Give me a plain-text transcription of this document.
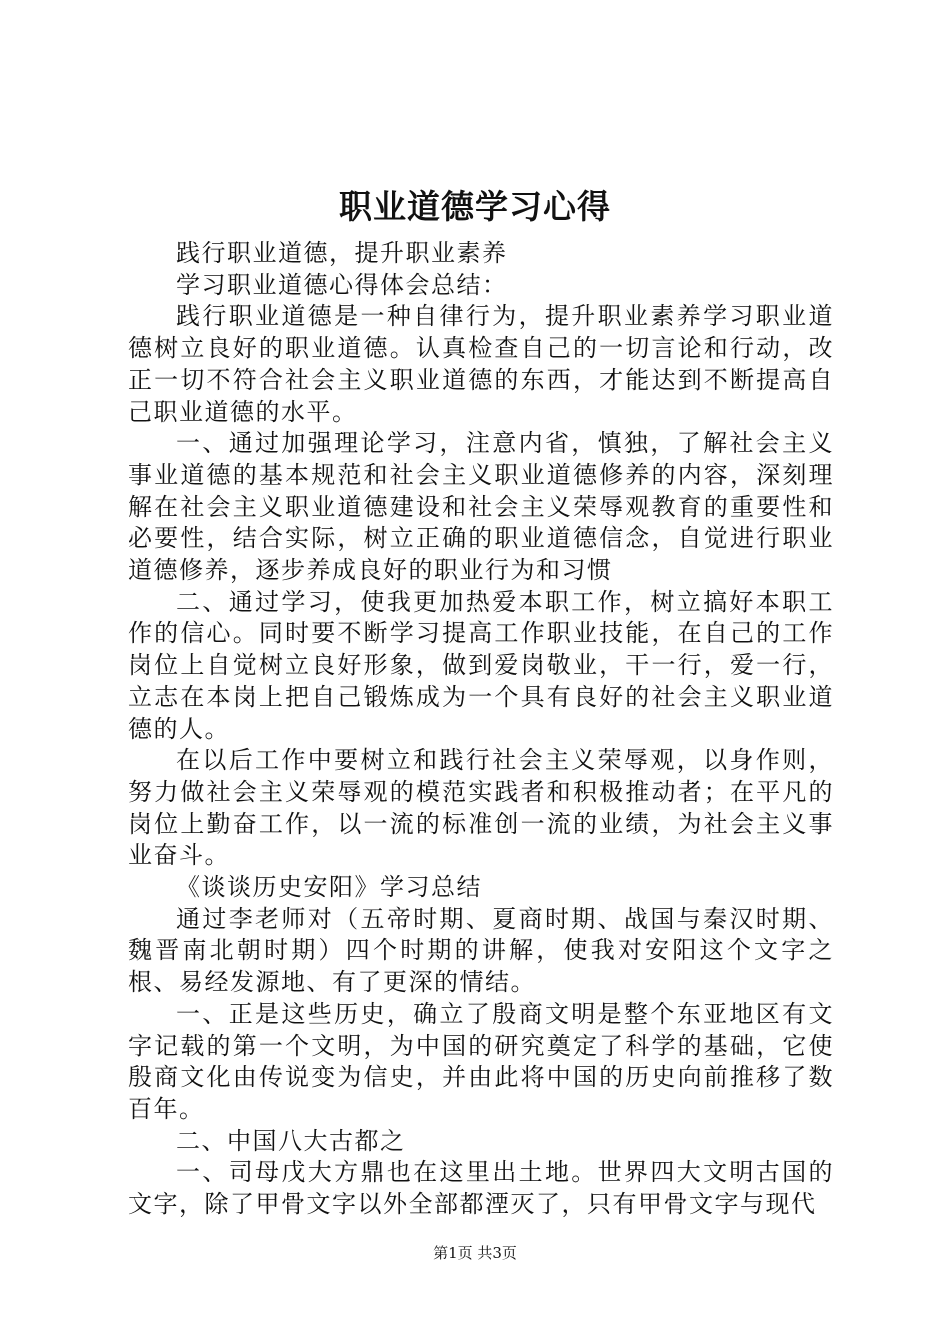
职业道德学习心得

践行职业道德，提升职业素养

学习职业道德心得体会总结：

践行职业道德是一种自律行为，提升职业素养学习职业道德树立良好的职业道德。认真检查自己的一切言论和行动，改正一切不符合社会主义职业道德的东西，才能达到不断提高自己职业道德的水平。

一、通过加强理论学习，注意内省，慎独，了解社会主义事业道德的基本规范和社会主义职业道德修养的内容，深刻理解在社会主义职业道德建设和社会主义荣辱观教育的重要性和必要性，结合实际，树立正确的职业道德信念，自觉进行职业道德修养，逐步养成良好的职业行为和习惯

二、通过学习，使我更加热爱本职工作，树立搞好本职工作的信心。同时要不断学习提高工作职业技能，在自己的工作岗位上自觉树立良好形象，做到爱岗敬业，干一行，爱一行，立志在本岗上把自己锻炼成为一个具有良好的社会主义职业道德的人。

在以后工作中要树立和践行社会主义荣辱观，以身作则，努力做社会主义荣辱观的模范实践者和积极推动者；在平凡的岗位上勤奋工作，以一流的标准创一流的业绩，为社会主义事业奋斗。

《谈谈历史安阳》学习总结

通过李老师对（五帝时期、夏商时期、战国与秦汉时期、魏晋南北朝时期）四个时期的讲解，使我对安阳这个文字之根、易经发源地、有了更深的情结。

一、正是这些历史，确立了殷商文明是整个东亚地区有文字记载的第一个文明，为中国的研究奠定了科学的基础，它使殷商文化由传说变为信史，并由此将中国的历史向前推移了数百年。

二、中国八大古都之

一、司母戊大方鼎也在这里出土地。世界四大文明古国的文字，除了甲骨文字以外全部都湮灭了，只有甲骨文字与现代

第1页 共3页
